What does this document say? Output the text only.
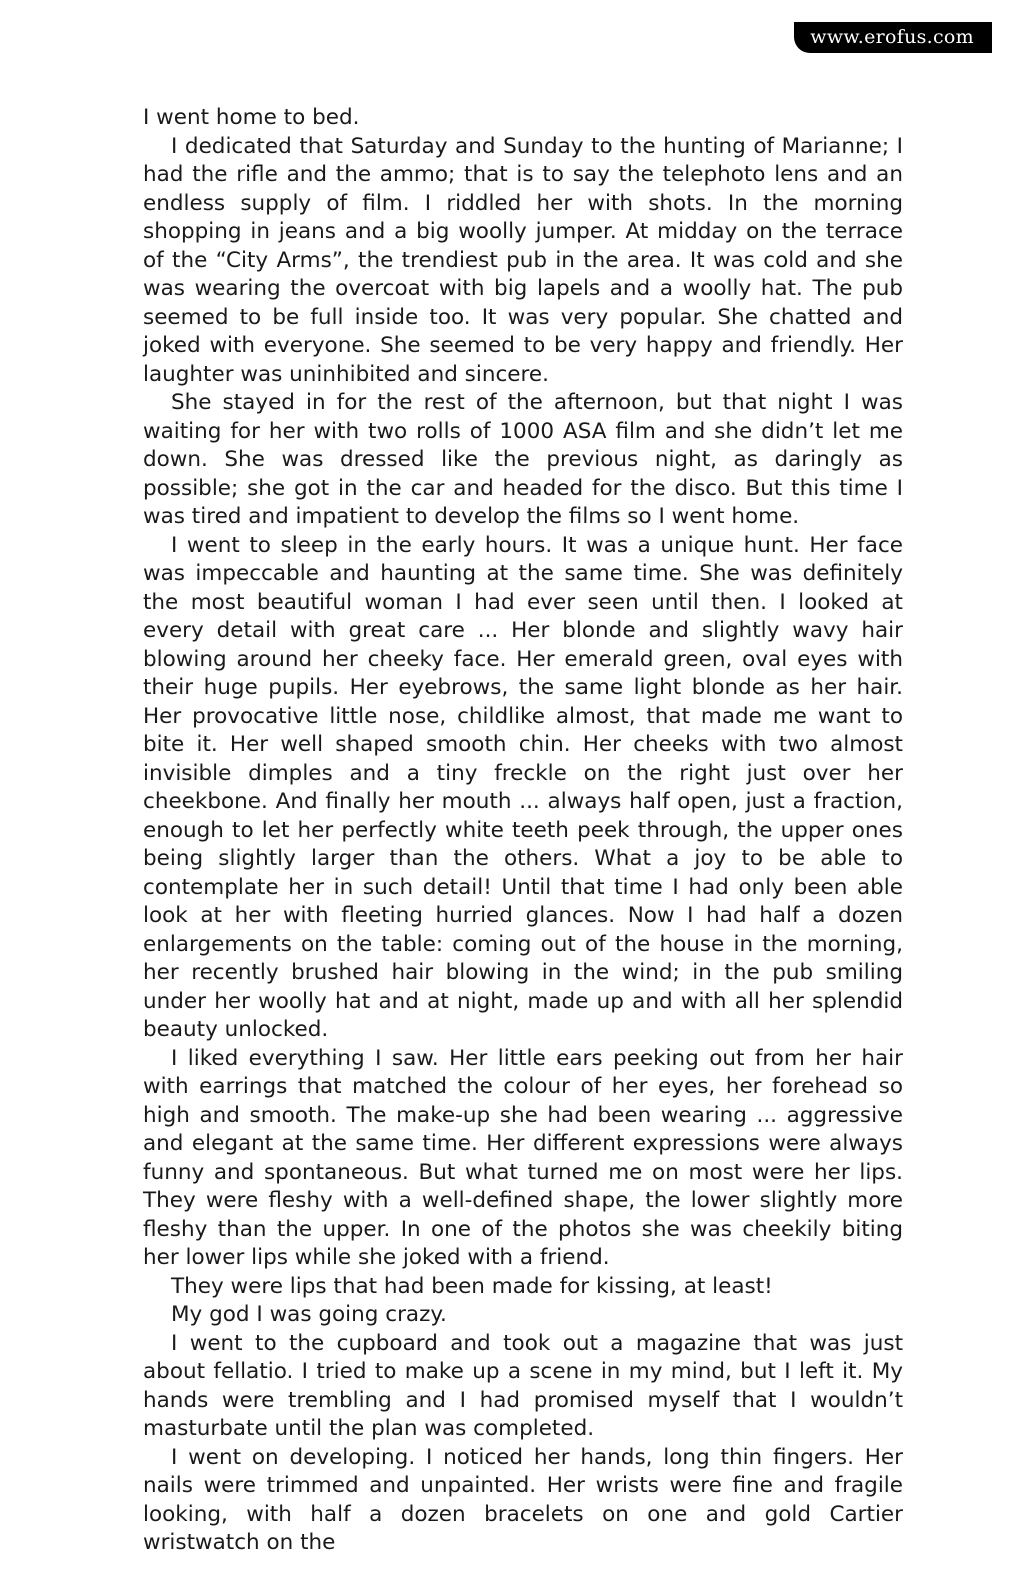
www.erofus.com

I went home to bed.

I dedicated that Saturday and Sunday to the hunting of Marianne; I had the rifle and the ammo; that is to say the telephoto lens and an endless supply of film. I riddled her with shots. In the morning shopping in jeans and a big woolly jumper. At midday on the terrace of the “City Arms”, the trendiest pub in the area. It was cold and she was wearing the overcoat with big lapels and a woolly hat. The pub seemed to be full inside too. It was very popular. She chatted and joked with everyone. She seemed to be very happy and friendly. Her laughter was uninhibited and sincere.

She stayed in for the rest of the afternoon, but that night I was waiting for her with two rolls of 1000 ASA film and she didn’t let me down. She was dressed like the previous night, as daringly as possible; she got in the car and headed for the disco. But this time I was tired and impatient to develop the films so I went home.

I went to sleep in the early hours. It was a unique hunt. Her face was impeccable and haunting at the same time. She was definitely the most beautiful woman I had ever seen until then. I looked at every detail with great care ... Her blonde and slightly wavy hair blowing around her cheeky face. Her emerald green, oval eyes with their huge pupils. Her eyebrows, the same light blonde as her hair. Her provocative little nose, childlike almost, that made me want to bite it. Her well shaped smooth chin. Her cheeks with two almost invisible dimples and a tiny freckle on the right just over her cheekbone. And finally her mouth ... always half open, just a fraction, enough to let her perfectly white teeth peek through, the upper ones being slightly larger than the others. What a joy to be able to contemplate her in such detail! Until that time I had only been able look at her with fleeting hurried glances. Now I had half a dozen enlargements on the table: coming out of the house in the morning, her recently brushed hair blowing in the wind; in the pub smiling under her woolly hat and at night, made up and with all her splendid beauty unlocked.

I liked everything I saw. Her little ears peeking out from her hair with earrings that matched the colour of her eyes, her forehead so high and smooth. The make-up she had been wearing ... aggressive and elegant at the same time. Her different expressions were always funny and spontaneous. But what turned me on most were her lips. They were fleshy with a well-defined shape, the lower slightly more fleshy than the upper. In one of the photos she was cheekily biting her lower lips while she joked with a friend.

They were lips that had been made for kissing, at least!

My god I was going crazy.

I went to the cupboard and took out a magazine that was just about fellatio. I tried to make up a scene in my mind, but I left it. My hands were trembling and I had promised myself that I wouldn’t masturbate until the plan was completed.

I went on developing. I noticed her hands, long thin fingers. Her nails were trimmed and unpainted. Her wrists were fine and fragile looking, with half a dozen bracelets on one and gold Cartier wristwatch on the
